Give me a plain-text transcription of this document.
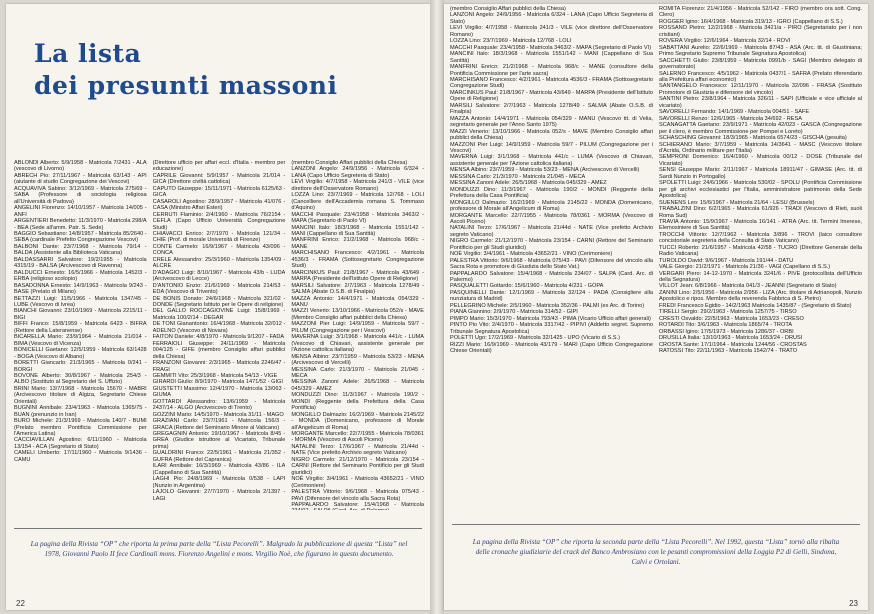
La lista
dei presunti massoni
ABLONDI Alberto: 5/9/1958 - Matricola 7/2431 - ALA (vescovo di Livorno)
ABRECH Pio: 27/11/1967 - Matricola 63/143 - API (aiutante di studio Congregazione dei Vescovi)
ACQUAVIVA Sabino: 3/12/1969 - Matricola 275/69 - SABA (Professore di sociologia religiosa all'Università di Padova)
ANGELINI Fiorenzo: 14/10/1957 - Matricola 14/005 - ANFI
ARGENTIERI Benedetto: 11/3/1970 - Matricola 298/A - BEA (Sede all'amm. Patr. S. Sede)
BAGGIO Sebastiano: 14/8/1957 - Matricola 85/2640 - SEBA (cardinale Prefetto Congregazione Vescovi)
BALBONI Dante: 23/7/1968 - Matricola 79/14 - BALDA (Assistente alla Biblioteca Vaticana)
BALDASSARRI Salvatore: 19/2/1955 - Matricola 4315/19 - BALSA (Arcivescovo di Ravenna)
BALDUCCI Ernesto: 16/5/1966 - Matricola 1452/3 - ERBA (religioso scolopio)
BASADONNA Ernesto: 14/9/1963 - Matricola 9/243 - BASE (Prelato di Milano)
BETTAZZI Luigi: 11/5/1966 - Matricola 1347/45 - LUBE (Vescovo di Ivrea)
BIANCHI Giovanni: 23/10/1969 - Matricola 2215/11 - BIGI
BIFFI Franco: 15/8/1959 - Matricola 6423 - BIFRA (Rettore della Lateranense)
BICARELLA Mario: 23/9/1964 - Matricola 21/014 - BIMA (Vescovo di Vicenza)
BONICELLI Gaetano: 12/5/1959 - Matricola 63/1428 - BOGA (Vescovo di Albano)
BORETTI Giancarlo: 21/3/1965 - Matricola 0/241 - BORGI
BOVONE Alberto: 30/8/1967 - Matricola 254/3 - ALBO (Sostituto al Segretario del S. Uffizio)
BRINI Mario: 13/7/1968 - Matricola 15670 - MABRI (Arcivescovo titolare di Algiza, Segretario Chiese Orientali)
BUGNINI Annibale: 23/4/1963 - Matricola 1365/75 - BUAN (prenunzio in Iran)
BURO Michele: 21/3/1969 - Matricola 140/7 - BUMI (Prelato membro Pontificia Commissione per l'America Latina)
CACCIAVILLAN Agostino: 6/11/1960 - Matricola 13/154 - ACA (Segretario di Stato)
CAMELI Umberto: 17/11/1960 - Matricola 9/1436 - CAMU
(Direttore ufficio per affari eccl. d'Italia - membro per educazione)
CAPRILE Giovanni: 5/9/1957 - Matricola 21/014 - GICA (Direttore civiltà cattolica)
CAPUTO Giuseppe: 15/11/1971 - Matricola 6125/63 - GICA
CASAROLI Agostino: 28/9/1957 - Matricola 41/076 - CASA (Ministro Affari Esteri)
CERRUTI Flaminio: 2/4/1960 - Matricola 76/2154 - CEFLA (Capo Ufficio Università Congregazione Studi)
CHIAVACCI Enrico: 2/7/1970 - Matricola 121/34 - CHIE (Prof. di morale Università di Firenze)
CONTE Carmelo: 16/9/1967 - Matricola 43/096 - CONCA
CRELE Alessandro: 25/3/1960 - Matricola 1354/09 - ALCRE
D'ADAGIO Luigi: 8/10/1967 - Matricola 43/b - LUDA (Arcivescovo di Lecce)
D'ANTONIO Enzio: 21/6/1969 - Matricola 214/53 - EDA (Vescovo di Trivento)
DE BONIS Donato: 24/6/1968 - Matricola 321/02 - DONDE (Segretario Istituto per le Opere di religione)
DEL GALLO ROCCAGIOVINE Luigi: 15/8/1969 - Matricola 100/2/14 - DEGAR
DE TONI Gianantonio: 16/4/1968 - Matricola 32/012 - ADELNO (Vescovo di Novara)
FAITON Daniele: 4/8/1970 - Matricola 9/1207 - FADA
FERRAIOLI Giuseppe: 24/11/1969 - Matricola 004/125 - GIFE (membro Consiglio affari pubblici della Chiesa)
FRANZONI Giovanni: 2/3/1965 - Matricola 2246/47 - FRAGI
GEMMITI Vito: 25/3/1968 - Matricola 54/13 - VIGE
GIRARDI Giulio: 8/9/1970 - Matricola 1471/52 - GIGI
GIUSTETTI Massimo: 12/4/1970 - Matricola 13/063 - GIUMA
GOTTARDI Alessandro: 13/6/1959 - Matricola 2437/14 - ALGO (Arcivescovo di Trento)
GOZZINI Mario: 14/5/1970 - Matricola 31/11 - MAGO
GRAZIANI Carlo: 23/7/1961 - Matricola 156/3 - GRACA (Rettore del Seminario Minore al Vaticano)
GREGAGNIN Antonio: 19/10/1967 - Matricola 8/45 - GREA (Giudice istruttore al Vicariato, Tribunale prima)
GUALDRINI Franco: 22/5/1961 - Matricola 21/352 - GUFRA (Rettore del Capranica)
ILARI Annibale: 16/3/1969 - Matricola 43/86 - ILA (Cappellano di Sua Santità)
LAGHI Pio: 24/8/1969 - Matricola 0/538 - LAPI (Nunzio in Argentina)
LAJOLO Giovanni: 27/7/1970 - Matricola 2/1397 - LAGI
(membro Consiglio Affari pubblici della Chiesa)
LANZONI Angelo: 24/9/1956 - Matricola 6/324 - LANA (Capo Ufficio Segreteria di Stato)
LEVI Virgilio: 4/7/1958 - Matricola 241/3 - VILE (vice direttore dell'Osservatore Romano)
LOZZA Lino: 23/7/1969 - Matricola 12/768 - LOLI (Cancelliere dell'Accademia romana S. Tommaso d'Aquino)
MACCHI Pasquale: 23/4/1958 - Matricola 3463/2 - MAPA (Segretario di Paolo VI)
MANCINI Italo: 18/3/1968 - Matricola 1551/142 - MANI (Cappellano di Sua Santità)
MANFRINI Enrico: 21/2/1968 - Matricola 968/c - MANE
MARCHISANO Francesco: 4/2/1961 - Matricola 4536/3 - FRAMA (Sottosegretario Congregazione Studi)
MARCINKUS Paul: 21/8/1967 - Matricola 43/649 - MARPA (Presidente dell'Istituto Opere di Religione)
MARSILI Salvatore: 2/7/1963 - Matricola 1278/49 - SALMA (Abate O.S.B. di Finalpia)
MAZZA Antonio: 14/4/1971 - Matricola 054/329 - MANU
MAZZI Venerio: 13/10/1966 - Matricola 052/s - MAVE (Membro Consiglio affari pubblici della Chiesa)
MAZZONI Pier Luigi: 14/9/1959 - Matricola 59/7 - PILUM (Congregazione per i Vescovi)
MAVERNA Luigi: 3/1/1968 - Matricola 441/c - LUMA (Vescovo di Chiavari, assistente generale per l'Azione cattolica italiana)
MENSA Albino: 23/7/1959 - Matricola 53/23 - MENA (Arcivescovo di Vercelli)
MESSINA Carlo: 21/3/1970 - Matricola 21/045 - MECA
MESSINA Zanoni Adele: 26/5/1968 - Matricola 045/329 - AMEZ
MONDUZZI Dino: 11/3/1967 - Matricola 190/2 - MONDI (Reggente della Prefettura della Casa Pontificia)
MONGILLO Dalmazio: 16/2/1969 - Matricola 2145/22 - MONDA (Domenicano, professore di Morale all'Angelicum di Roma)
MORGANTE Marcello: 22/7/1955 - Matricola 78/0361 - MORMA (Vescovo di Ascoli Piceno)
NATALINI Terzo: 17/6/1967 - Matricola 21/44d - NATE (Vice prefetto Archivio segreto Vaticano)
NIGRO Carmelo: 21/12/1970 - Matricola 23/154 - CARNI (Rettore del Seminario Pontificio per gli Studi giuridici)
NOÈ Virgilio: 3/4/1961 - Matricola 43652/21 - VINO (Cerimoniere)
PALESTRA Vittorio: 9/6/1968 - Matricola 075/43 - PAVI (Difensore del vincolo alla Sacra Rota)
PAPPALARDO Salvatore: 15/4/1968 - Matricola
La pagina della Rivista “OP” che riporta la prima parte della “Lista Pecorelli”. Malgrado la pubblicazione di questa “Lista” nel 1978, Giovanni Paolo II fece Cardinali mons. Fiorenzo Angelini e mons. Virgilio Noè, che figurano in questo documento.
22
(membro Consiglio Affari pubblici della Chiesa)
LANZONI Angelo: 24/9/1956 - Matricola 6/324 - LANA (Capo Ufficio Segreteria di Stato)
LEVI Virgilio: 4/7/1958 - Matricola 241/3 - VILE (vice direttore dell'Osservatore Romano)
LOZZA Lino: 23/7/1969 - Matricola 12/768 - LOLI
MACCHI Pasquale: 23/4/1958 - Matricola 3463/2 - MAPA (Segretario di Paolo VI)
MANCINI Italo: 18/3/1968 - Matricola 1551/142 - MANI (Cappellano di Sua Santità)
MANFRINI Enrico: 21/2/1968 - Matricola 968/c - MANE (consultore della Pontificia Commissione per l'arte sacra)
MARCHISANO Francesco: 4/2/1961 - Matricola 4536/3 - FRAMA (Sottosegretario Congregazione Studi)
MARCINKUS Paul: 21/8/1967 - Matricola 43/649 - MARPA (Presidente dell'Istituto Opere di Religione)
MARSILI Salvatore: 2/7/1963 - Matricola 1278/49 - SALMA (Abate O.S.B. di Finalpia)
MAZZA Antonio: 14/4/1971 - Matricola 054/329 - MANU (Vescovo tit. di Velia, segretario generale per l'Anno Santo 1975)
MAZZI Venerio: 13/10/1966 - Matricola 052/s - MAVE (Membro Consiglio affari pubblici della Chiesa)
MAZZONI Pier Luigi: 14/9/1959 - Matricola 59/7 - PILUM (Congregazione per i Vescovi)
MAVERNA Luigi: 3/1/1968 - Matricola 441/c - LUMA (Vescovo di Chiavari, assistente generale per l'Azione cattolica italiana)
MENSA Albino: 23/7/1959 - Matricola 53/23 - MENA (Arcivescovo di Vercelli)
MESSINA Carlo: 21/3/1970 - Matricola 21/045 - MECA
MESSINA Zanoni Adele: 26/5/1968 - Matricola 045/329 - AMEZ
MONDUZZI Dino: 11/3/1967 - Matricola 190/2 - MONDI (Reggente della Prefettura della Casa Pontificia)
MONGILLO Dalmazio: 16/2/1969 - Matricola 2145/22 - MONDA (Domenicano, professore di Morale all'Angelicum di Roma)
MORGANTE Marcello: 22/7/1955 - Matricola 78/0361 - MORMA (Vescovo di Ascoli Piceno)
NATALINI Terzo: 17/6/1967 - Matricola 21/44d - NATE (Vice prefetto Archivio segreto Vaticano)
NIGRO Carmelo: 21/12/1970 - Matricola 23/154 - CARNI (Rettore del Seminario Pontificio per gli Studi giuridici)
NOÈ Virgilio: 3/4/1961 - Matricola 43652/21 - VINO (Cerimoniere)
PALESTRA Vittorio: 9/6/1968 - Matricola 075/43 - PAVI (Difensore del vincolo alla Sacra Rota e promotore di Giustizia dello Stato Vat.)
PAPPALARDO Salvatore: 15/4/1968 - Matricola 234/07 - SALPA (Card. Arc. di Palermo)
PASQUALETTI Gottardo: 15/6/1960 - Matricola 4/231 - GOPA
PASQUINELLI Dante: 12/1/1969 - Matricola 32/124 - PADA (Consigliere alla nunziatura di Madrid)
PELLEGRINO Michele: 2/5/1960 - Matricola 352/36 - PALMI (ex Arc. di Torino)
PIANA Giannino: 2/9/1970 - Matricola 314/52 - GIPI
PIMPO Mario: 15/3/1970 - Matricola 793/43 - PIMA (Vicario Ufficio affari generali)
PINTO Pio Vito: 2/4/1970 - Matricola 3317/42 - PIPIVI (Addetto segret. Supremo Tribunale Segnatura Apostolica)
POLETTI Ugo: 17/2/1969 - Matricola 32/1425 - UPO (Vicario di S.S.)
RIZZI Mario: 16/9/1969 - Matricola 43/179 - MARI (Capo Ufficio Congregazione Chiese Orientali)
ROMITA Fiorenzo: 21/4/1956 - Matricola 52/142 - FIRO (membro ora sott. Cong. Clero)
ROGGER Igino: 16/4/1968 - Matricola 319/13 - IGRO (Cappellano di S.S.)
ROSSANO Pietro: 12/2/1968 - Matricola 3421/a - PIRO (Segretariato per i non cristiani)
ROVERA Virgilio: 12/6/1964 - Matricola 32/14 - ROVI
SABATTANI Aurelio: 22/6/1969 - Matricola 87/43 - ASA (Arc. tit. di Giustiniana; Primo Segretario Supremo Tribunale Segnatura Apostolica)
SACCHETTI Giulio: 23/8/1959 - Matricola 0991/b - SAGI (Membro delegato di governatorato)
SALERNO Francesco: 4/5/1962 - Matricola 0437/1 - SAFRA (Prelato riferendario alla Prefettura affari economici)
SANTANGELO Francesco: 12/11/1970 - Matricola 32/096 - FRASA (Sostituto Promotore di Giustizia e difensore del vincolo)
SANTINI Pietro: 23/8/1964 - Matricola 326/11 - SAPI (Ufficiale e vice ufficiale al vicariato)
SAVORELLI Fernando: 14/1/1969 - Matricola 004/51 - SAFE
SAVORELLI Renzo: 12/6/1965 - Matricola 34/692 - RESA
SCANAGATTA Gaetano: 23/9/1971 - Matricola 42/023 - GASCA (Congregazione per il clero, è membro Commissione per Pompei e Loreto)
SCHASCHING Giovanni: 18/3/1965 - Matricola 6574/23 - GISCHA (gesuita)
SCHIERANO Mario: 3/7/1959 - Matricola 14/3641 - MASC (Vescovo titolare d'Acrida, Ordinario militare per l'Italia)
SEMPRONI Domenico: 16/4/1960 - Matricola 00/12 - DOSE (Tribunale del Vicariato)
SENSI Giuseppe Mario: 2/11/1967 - Matricola 18911/47 - GIMASE (Arc. tit. di Sardi Nunzio in Portogallo)
SPOLETTI Luigi: 24/6/1966 - Matricola 530/02 - SPOLU (Pontificia Commissione per gli archivi ecclesiastici per l'Italia, amministratore patrimonio della Sede Apostolica)
SUENENS Leo: 15/6/1967 - Matricola 21/64 - LESU (Brussels)
TRABALZINI Dino: 6/2/1965 - Matricola 61/926 - TRADI (Vescovo di Rieti, suoli Roma Sud)
TRAVIA Antonio: 15/9/1967 - Matricola 16/141 - ATRA (Arc. tit. Termini Imerese, Elemosiniere di Sua Santità)
TROCCHI Vittorio: 12/7/1962 - Matricola 3/896 - TROVI (laico consultore concistoriale segreteria della Consulta di Stato Vaticano)
TUCCI Roberto: 21/6/1957 - Matricola 42/58 - TUCRO (Direttore Generale della Radio Vaticana)
TUROLDO David: 9/6/1967 - Matricola 191/44 - DATU
VALE Giorgio: 21/2/1971 - Matricola 21/36 - VAGI (Capellano di S.S.)
VERGARI Piero: 14-12-1970 - Matricola 3241/6 - PIVE (protocollista dell'Ufficio della Segnatura)
VILLOT Jean: 6/8/1966 - Matricola 041/3 - JEANNI (Segretario di Stato)
ZANINI Lino: 2/5/1956 - Matricola 2/956 - LIZA (Arc. titolare di Adrianopoli, Nunzio Apostolico e ripos. Membro della reverenda Fabbrica di S. Pietro)
FREDI Francesco Egidio - 14/2/1963 Matricola 1435/87 - (Segretario di Stato)
TIRELLI Sergio: 29/2/1963 - Matricola 1257/75 - TIRSO
CRESTI Osvaldo: 22/5/1963 - Matricola 1653/23 - CRESO
ROTARDI Tito: 3/6/1963 - Matricola 1865/74 - TROTA
ORBASSI Igino: 17/5/1973 - Matricola 1286/37 - ORBI
DRUSILLA Italia: 13/10/1963 - Matricola 1653/24 - DRUSI
CROSTA Sante: 17/1/1964 - Matricola 1244/56 - CROSTAS
RATOSSI Tito: 22/11/1963 - Matricola 1542/74 - TRATO
La pagina della Rivista “OP” che riporta la seconda parte della “Lista Pecorelli”. Nel 1992, questa “Lista” tornò alla ribalta delle cronache giudiziarie del crack del Banco Ambrosiano con le pesanti compromissioni della Loggia P2 di Gelli, Sindona, Calvi e Ortolani.
23
